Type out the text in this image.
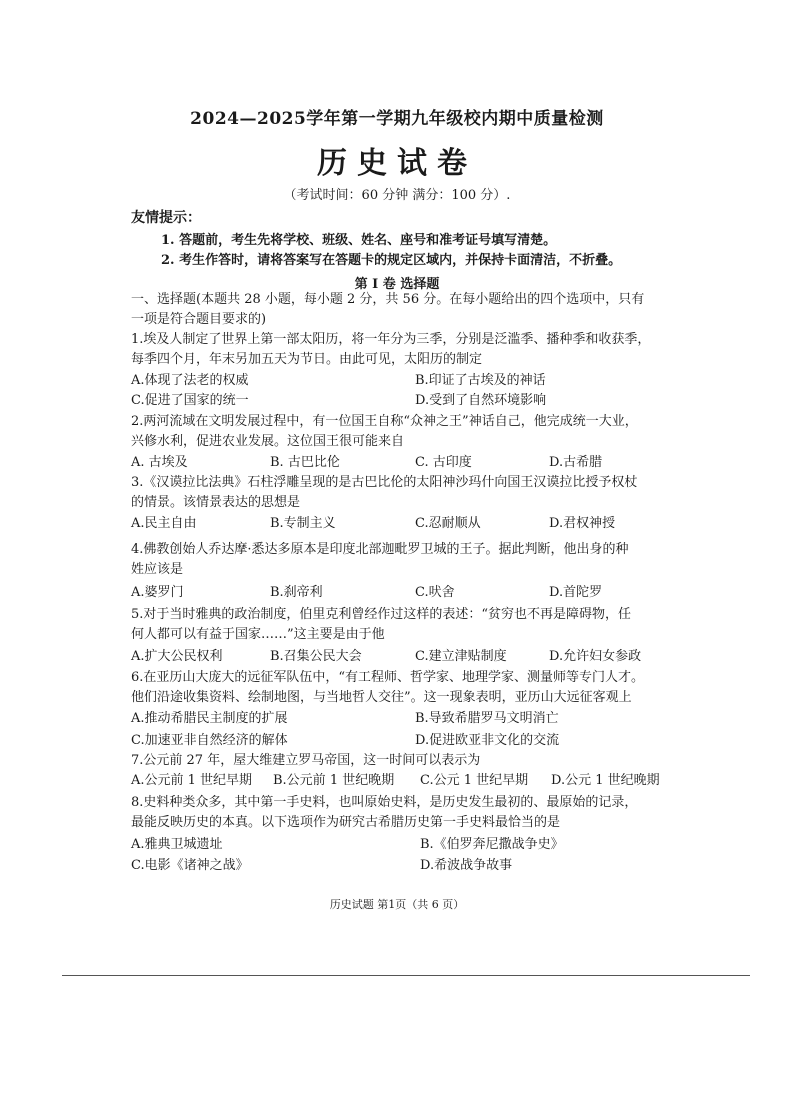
2024—2025学年第一学期九年级校内期中质量检测
历史试卷
（考试时间：60 分钟 满分：100 分）.
友情提示：
1. 答题前，考生先将学校、班级、姓名、座号和准考证号填写清楚。
2. 考生作答时，请将答案写在答题卡的规定区域内，并保持卡面清洁，不折叠。
第 I 卷 选择题
一、选择题(本题共 28 小题，每小题 2 分，共 56 分。在每小题给出的四个选项中，只有
一项是符合题目要求的)
1.埃及人制定了世界上第一部太阳历，将一年分为三季，分别是泛滥季、播种季和收获季，
每季四个月，年末另加五天为节日。由此可见，太阳历的制定
A.体现了法老的权威	B.印证了古埃及的神话
C.促进了国家的统一	D.受到了自然环境影响
2.两河流域在文明发展过程中，有一位国王自称“众神之王”神话自己，他完成统一大业，
兴修水利，促进农业发展。这位国王很可能来自
A. 古埃及	B. 古巴比伦	C. 古印度	D.古希腊
3.《汉谟拉比法典》石柱浮雕呈现的是古巴比伦的太阳神沙玛什向国王汉谟拉比授予权杖
的情景。该情景表达的思想是
A.民主自由	B.专制主义	C.忍耐顺从	D.君权神授
4.佛教创始人乔达摩·悉达多原本是印度北部迦毗罗卫城的王子。据此判断，他出身的种
姓应该是
A.婆罗门	B.刹帝利	C.吠舍	D.首陀罗
5.对于当时雅典的政治制度，伯里克利曾经作过这样的表述：“贫穷也不再是障碍物，任
何人都可以有益于国家……”这主要是由于他
A.扩大公民权利	B.召集公民大会	C.建立津贴制度	D.允许妇女参政
6.在亚历山大庞大的远征军队伍中，“有工程师、哲学家、地理学家、测量师等专门人才。
他们沿途收集资料、绘制地图，与当地哲人交往”。这一现象表明，亚历山大远征客观上
A.推动希腊民主制度的扩展	B.导致希腊罗马文明消亡
C.加速亚非自然经济的解体	D.促进欧亚非文化的交流
7.公元前 27 年，屋大维建立罗马帝国，这一时间可以表示为
A.公元前 1 世纪早期 B.公元前 1 世纪晚期 C.公元 1 世纪早期 D.公元 1 世纪晚期
8.史料种类众多，其中第一手史料，也叫原始史料，是历史发生最初的、最原始的记录，
最能反映历史的本真。以下选项作为研究古希腊历史第一手史料最恰当的是
A.雅典卫城遗址	B.《伯罗奔尼撒战争史》
C.电影《诸神之战》	D.希波战争故事
历史试题 第1页（共 6 页）
